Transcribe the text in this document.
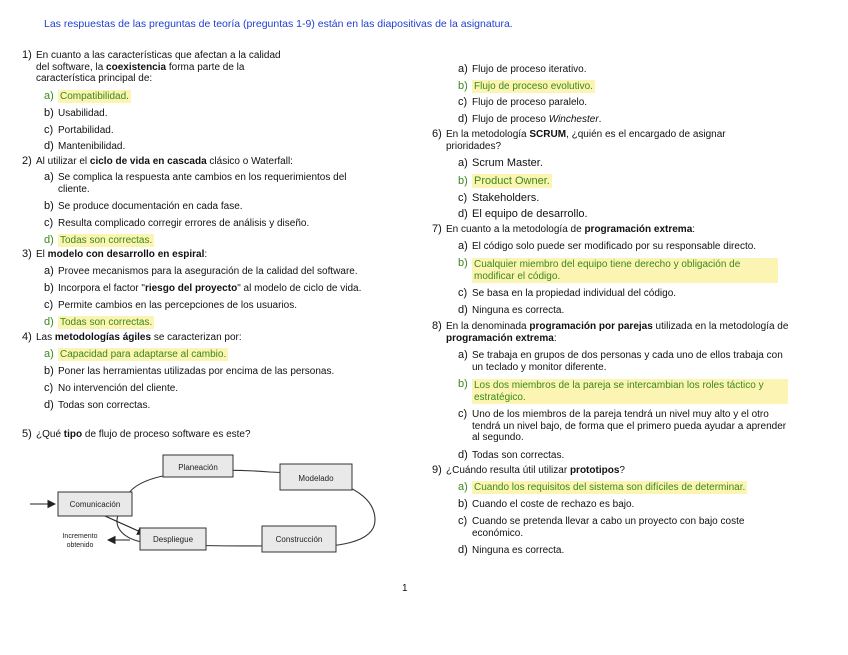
Las respuestas de las preguntas de teoría (preguntas 1-9) están en las diapositivas de la asignatura.
1) En cuanto a las características que afectan a la calidad del software, la coexistencia forma parte de la característica principal de:
a) Compatibilidad.
b) Usabilidad.
c) Portabilidad.
d) Mantenibilidad.
2) Al utilizar el ciclo de vida en cascada clásico o Waterfall:
a) Se complica la respuesta ante cambios en los requerimientos del cliente.
b) Se produce documentación en cada fase.
c) Resulta complicado corregir errores de análisis y diseño.
d) Todas son correctas.
3) El modelo con desarrollo en espiral:
a) Provee mecanismos para la aseguración de la calidad del software.
b) Incorpora el factor "riesgo del proyecto" al modelo de ciclo de vida.
c) Permite cambios en las percepciones de los usuarios.
d) Todas son correctas.
4) Las metodologías ágiles se caracterizan por:
a) Capacidad para adaptarse al cambio.
b) Poner las herramientas utilizadas por encima de las personas.
c) No intervención del cliente.
d) Todas son correctas.
5) ¿Qué tipo de flujo de proceso software es este?
Planeación
Modelado
Comunicación
Despliegue	Construcción
Incremento
obtenido
a) Flujo de proceso iterativo.
b) Flujo de proceso evolutivo.
c) Flujo de proceso paralelo.
d) Flujo de proceso Winchester.
6) En la metodología SCRUM, ¿quién es el encargado de asignar prioridades?
a) Scrum Master.
b) Product Owner.
c) Stakeholders.
d) El equipo de desarrollo.
7) En cuanto a la metodología de programación extrema:
a) El código solo puede ser modificado por su responsable directo.
b) Cualquier miembro del equipo tiene derecho y obligación de modificar el código.
c) Se basa en la propiedad individual del código.
d) Ninguna es correcta.
8) En la denominada programación por parejas utilizada en la metodología de programación extrema:
a) Se trabaja en grupos de dos personas y cada uno de ellos trabaja con un teclado y monitor diferente.
b) Los dos miembros de la pareja se intercambian los roles táctico y estratégico.
c) Uno de los miembros de la pareja tendrá un nivel muy alto y el otro tendrá un nivel bajo, de forma que el primero pueda ayudar a aprender al segundo.
d) Todas son correctas.
9) ¿Cuándo resulta útil utilizar prototipos?
a) Cuando los requisitos del sistema son difíciles de determinar.
b) Cuando el coste de rechazo es bajo.
c) Cuando se pretenda llevar a cabo un proyecto con bajo coste económico.
d) Ninguna es correcta.
1
